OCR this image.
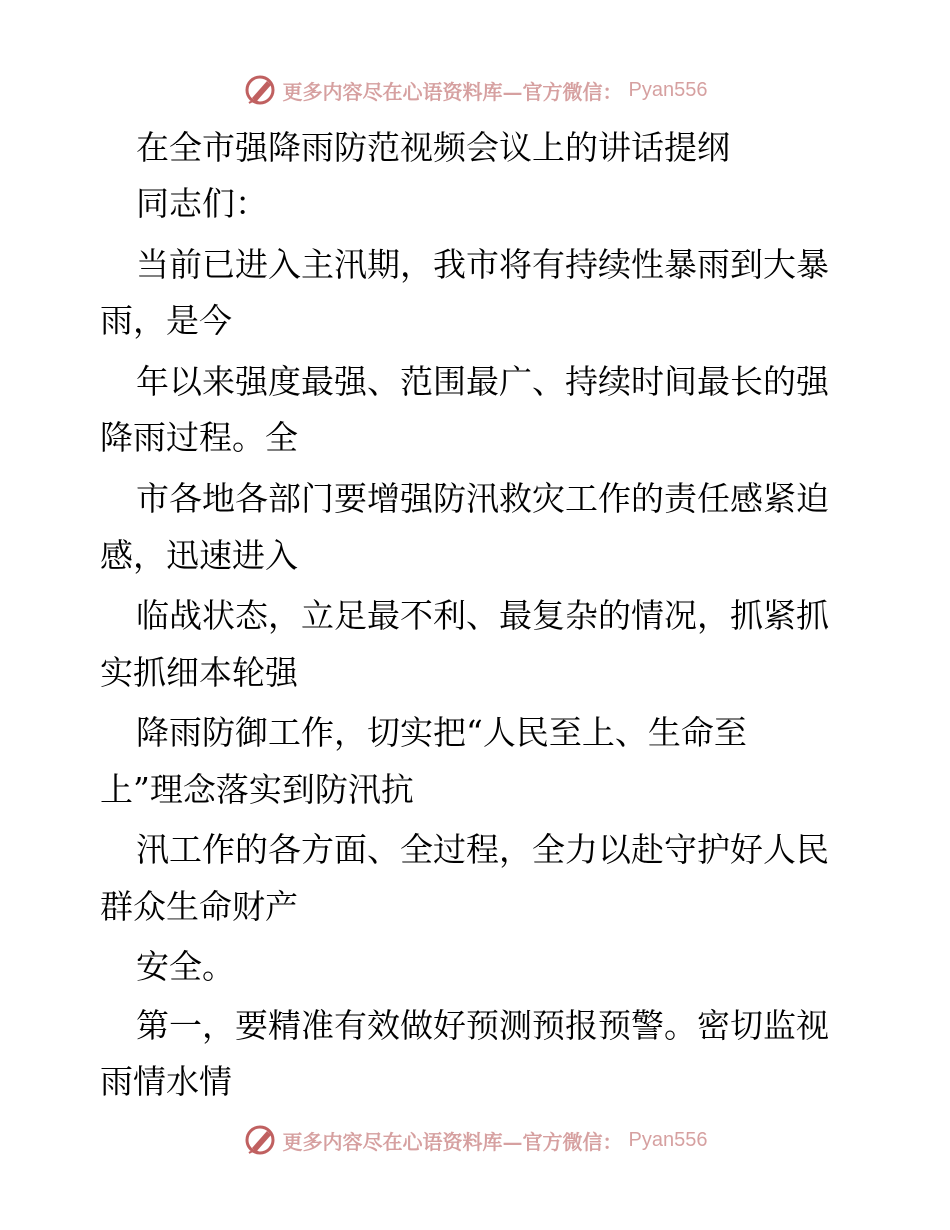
更多内容尽在心语资料库—官方微信： Pyan556
在全市强降雨防范视频会议上的讲话提纲
同志们：
当前已进入主汛期，我市将有持续性暴雨到大暴
雨，是今
年以来强度最强、范围最广、持续时间最长的强
降雨过程。全
市各地各部门要增强防汛救灾工作的责任感紧迫
感，迅速进入
临战状态，立足最不利、最复杂的情况，抓紧抓
实抓细本轮强
降雨防御工作，切实把“人民至上、生命至
上”理念落实到防汛抗
汛工作的各方面、全过程，全力以赴守护好人民
群众生命财产
安全。
第一，要精准有效做好预测预报预警。密切监视
雨情水情
更多内容尽在心语资料库—官方微信： Pyan556
